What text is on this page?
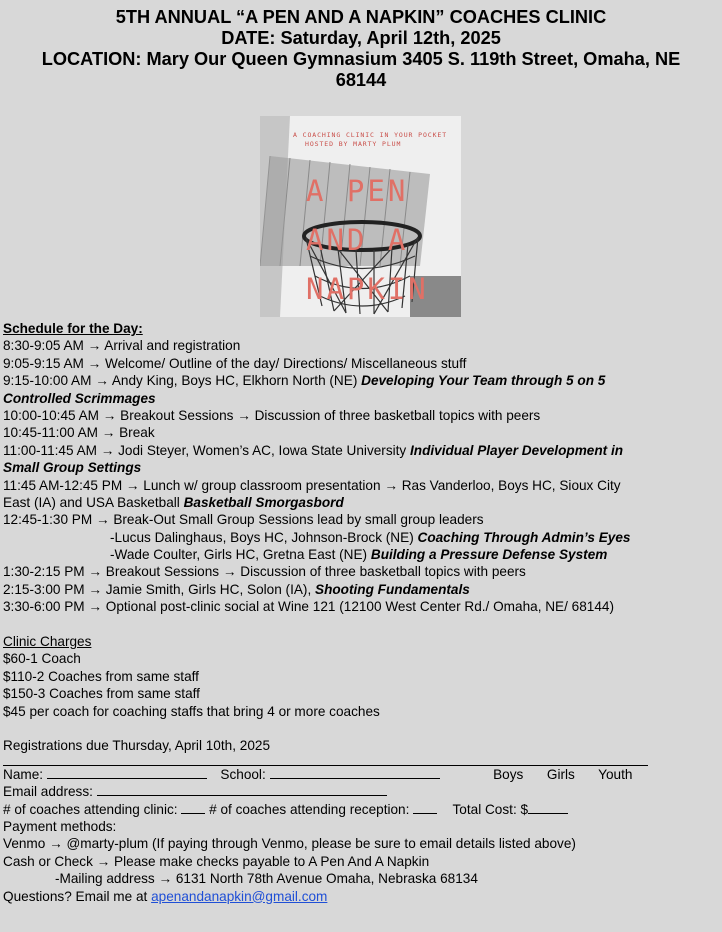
5TH ANNUAL “A PEN AND A NAPKIN” COACHES CLINIC
DATE: Saturday, April 12th, 2025
LOCATION: Mary Our Queen Gymnasium 3405 S. 119th Street, Omaha, NE
68144
A COACHING CLINIC IN YOUR POCKET
HOSTED BY MARTY PLUM
A PEN
AND A
NAPKIN
Schedule for the Day:
8:30-9:05 AM → Arrival and registration
9:05-9:15 AM → Welcome/ Outline of the day/ Directions/ Miscellaneous stuff
9:15-10:00 AM → Andy King, Boys HC, Elkhorn North (NE) Developing Your Team through 5 on 5
Controlled Scrimmages
10:00-10:45 AM → Breakout Sessions → Discussion of three basketball topics with peers
10:45-11:00 AM → Break
11:00-11:45 AM → Jodi Steyer, Women’s AC, Iowa State University Individual Player Development in
Small Group Settings
11:45 AM-12:45 PM → Lunch w/ group classroom presentation → Ras Vanderloo, Boys HC, Sioux City
East (IA) and USA Basketball Basketball Smorgasbord
12:45-1:30 PM → Break-Out Small Group Sessions lead by small group leaders
-Lucus Dalinghaus, Boys HC, Johnson-Brock (NE) Coaching Through Admin’s Eyes
-Wade Coulter, Girls HC, Gretna East (NE) Building a Pressure Defense System
1:30-2:15 PM → Breakout Sessions → Discussion of three basketball topics with peers
2:15-3:00 PM → Jamie Smith, Girls HC, Solon (IA), Shooting Fundamentals
3:30-6:00 PM → Optional post-clinic social at Wine 121 (12100 West Center Rd./ Omaha, NE/ 68144)
Clinic Charges
$60-1 Coach
$110-2 Coaches from same staff
$150-3 Coaches from same staff
$45 per coach for coaching staffs that bring 4 or more coaches
Registrations due Thursday, April 10th, 2025
Name:	School:	Boys Girls Youth
Email address:
# of coaches attending clinic: # of coaches attending reception:	Total Cost: $
Payment methods:
Venmo → @marty-plum (If paying through Venmo, please be sure to email details listed above)
Cash or Check → Please make checks payable to A Pen And A Napkin
-Mailing address → 6131 North 78th Avenue Omaha, Nebraska 68134
Questions? Email me at apenandanapkin@gmail.com
